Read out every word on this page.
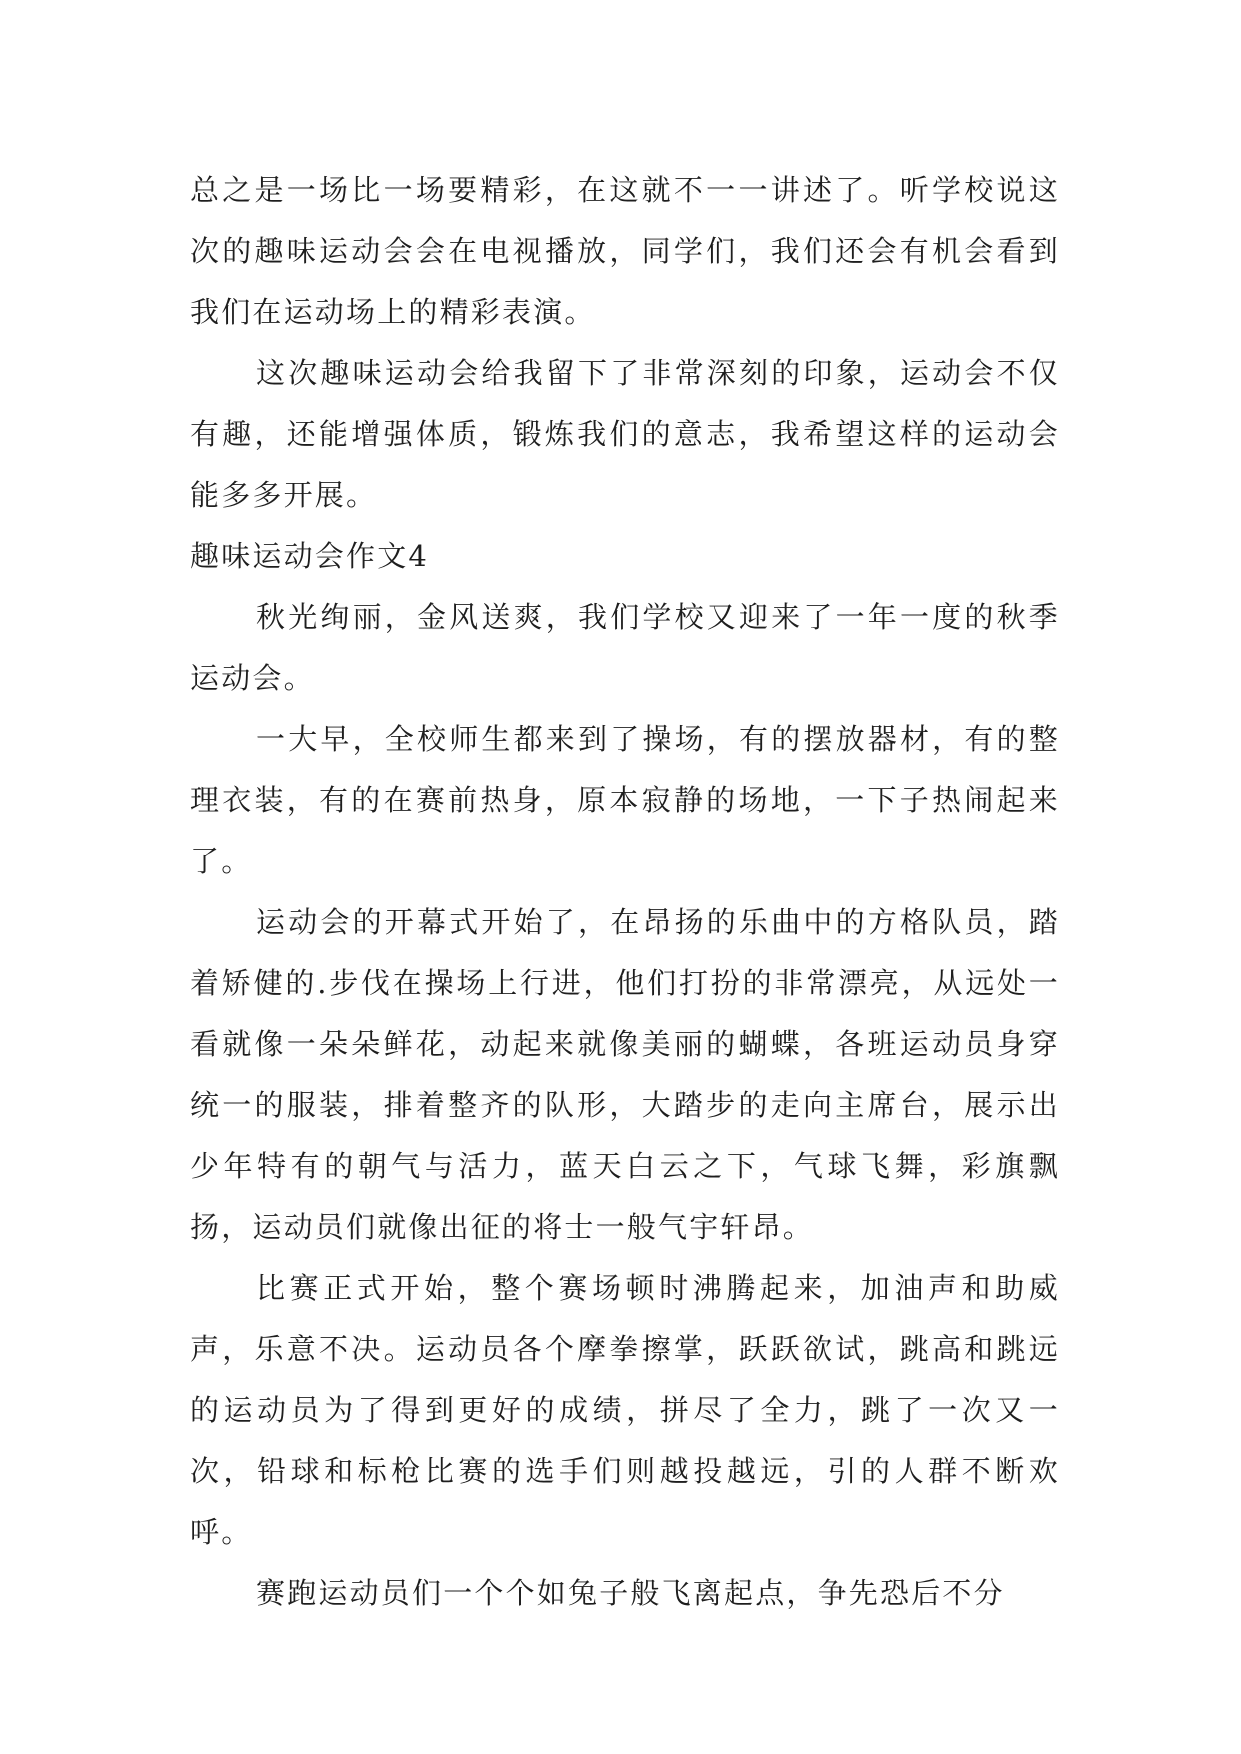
总之是一场比一场要精彩，在这就不一一讲述了。听学校说这次的趣味运动会会在电视播放，同学们，我们还会有机会看到我们在运动场上的精彩表演。

这次趣味运动会给我留下了非常深刻的印象，运动会不仅有趣，还能增强体质，锻炼我们的意志，我希望这样的运动会能多多开展。

趣味运动会作文4

秋光绚丽，金风送爽，我们学校又迎来了一年一度的秋季运动会。

一大早，全校师生都来到了操场，有的摆放器材，有的整理衣装，有的在赛前热身，原本寂静的场地，一下子热闹起来了。

运动会的开幕式开始了，在昂扬的乐曲中的方格队员，踏着矫健的.步伐在操场上行进，他们打扮的非常漂亮，从远处一看就像一朵朵鲜花，动起来就像美丽的蝴蝶，各班运动员身穿统一的服装，排着整齐的队形，大踏步的走向主席台，展示出少年特有的朝气与活力，蓝天白云之下，气球飞舞，彩旗飘扬，运动员们就像出征的将士一般气宇轩昂。

比赛正式开始，整个赛场顿时沸腾起来，加油声和助威声，乐意不决。运动员各个摩拳擦掌，跃跃欲试，跳高和跳远的运动员为了得到更好的成绩，拼尽了全力，跳了一次又一次，铅球和标枪比赛的选手们则越投越远，引的人群不断欢呼。

赛跑运动员们一个个如兔子般飞离起点，争先恐后不分
